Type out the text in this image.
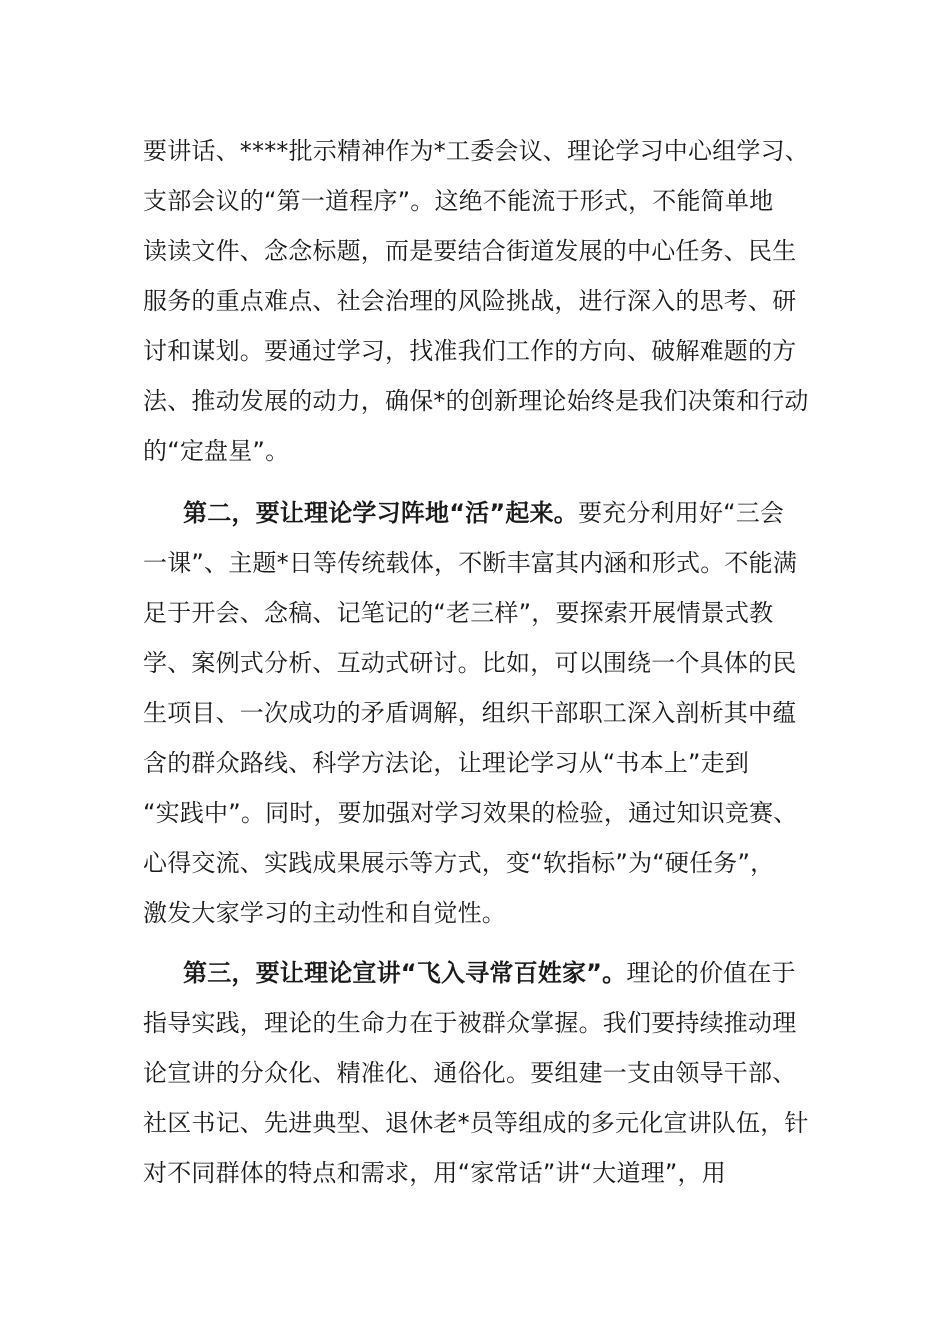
要讲话、****批示精神作为*工委会议、理论学习中心组学习、
支部会议的“第一道程序”。这绝不能流于形式，不能简单地
读读文件、念念标题，而是要结合街道发展的中心任务、民生
服务的重点难点、社会治理的风险挑战，进行深入的思考、研
讨和谋划。要通过学习，找准我们工作的方向、破解难题的方
法、推动发展的动力，确保*的创新理论始终是我们决策和行动
的“定盘星”。
第二，要让理论学习阵地“活”起来。要充分利用好“三会
一课”、主题*日等传统载体，不断丰富其内涵和形式。不能满
足于开会、念稿、记笔记的“老三样”，要探索开展情景式教
学、案例式分析、互动式研讨。比如，可以围绕一个具体的民
生项目、一次成功的矛盾调解，组织干部职工深入剖析其中蕴
含的群众路线、科学方法论，让理论学习从“书本上”走到
“实践中”。同时，要加强对学习效果的检验，通过知识竞赛、
心得交流、实践成果展示等方式，变“软指标”为“硬任务”，
激发大家学习的主动性和自觉性。
第三，要让理论宣讲“飞入寻常百姓家”。理论的价值在于
指导实践，理论的生命力在于被群众掌握。我们要持续推动理
论宣讲的分众化、精准化、通俗化。要组建一支由领导干部、
社区书记、先进典型、退休老*员等组成的多元化宣讲队伍，针
对不同群体的特点和需求，用“家常话”讲“大道理”，用
